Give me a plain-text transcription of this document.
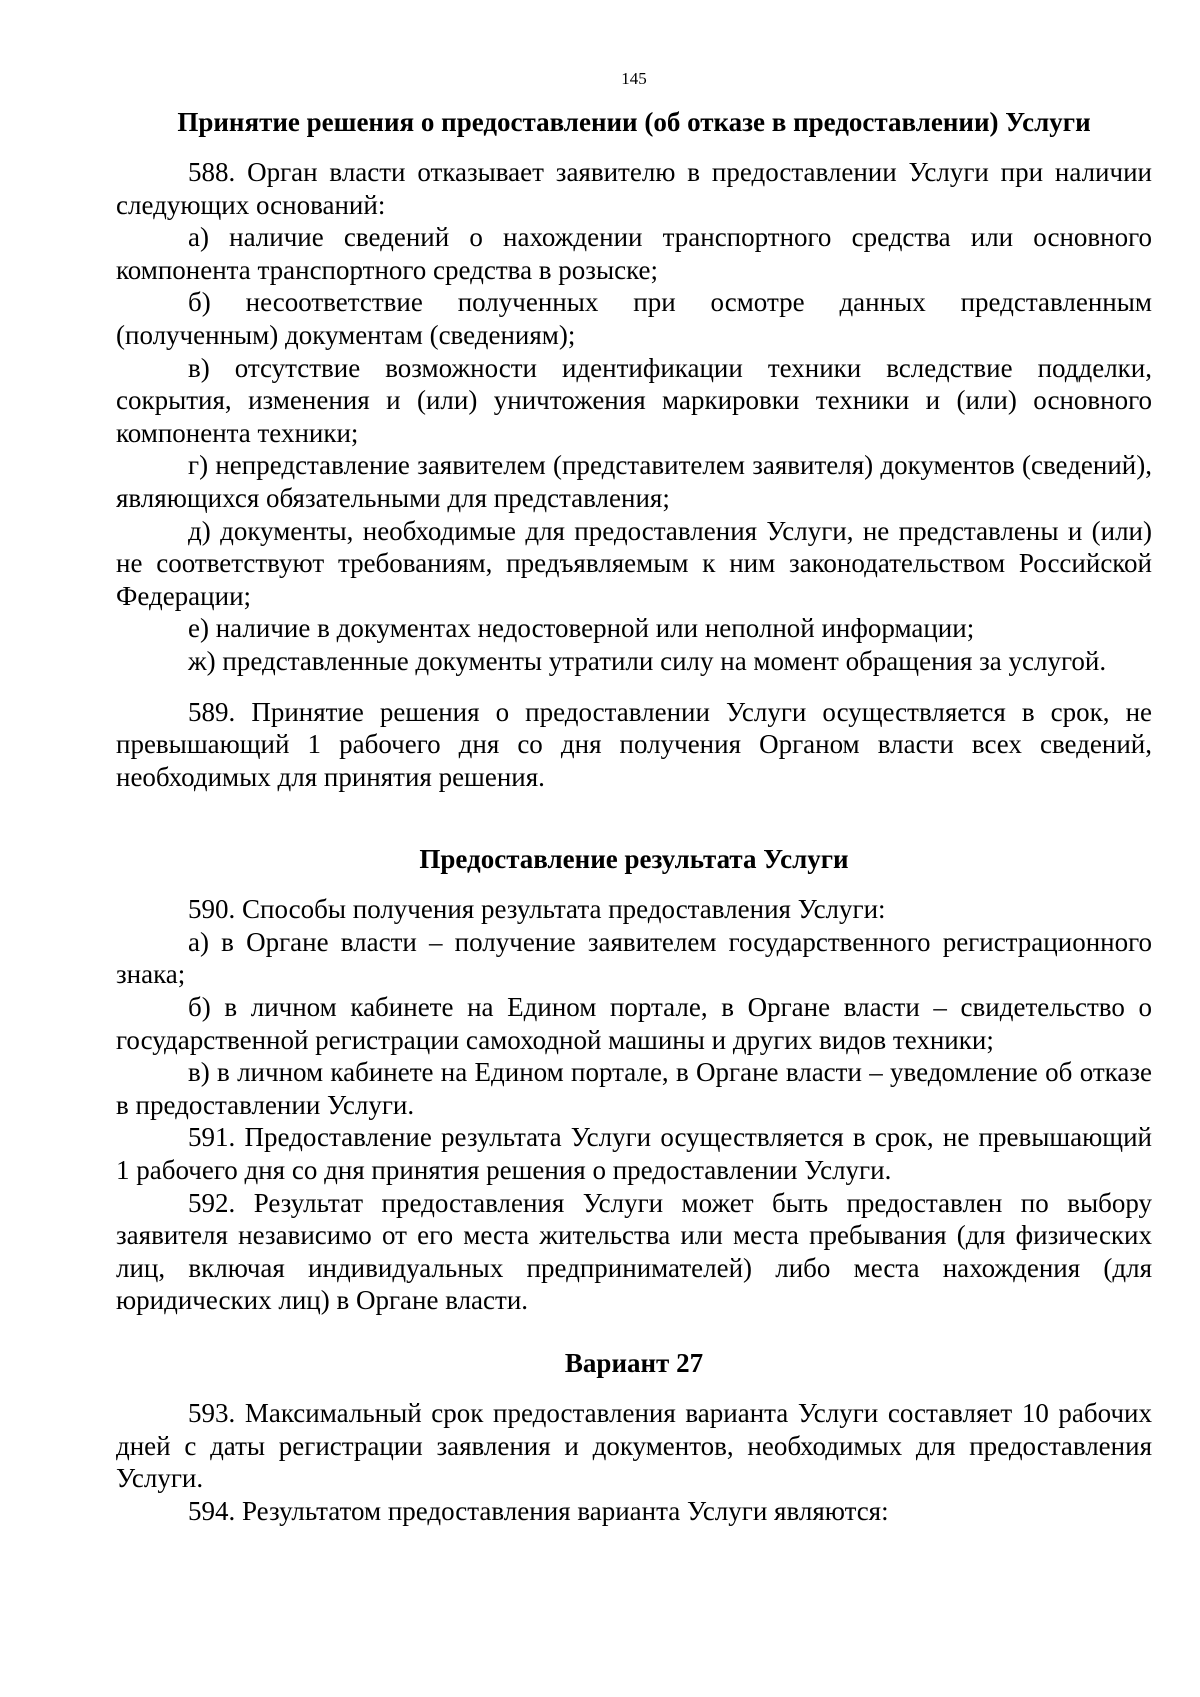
145
Принятие решения о предоставлении (об отказе в предоставлении) Услуги

588. Орган власти отказывает заявителю в предоставлении Услуги при наличии следующих оснований:

а) наличие сведений о нахождении транспортного средства или основного компонента транспортного средства в розыске;

б) несоответствие полученных при осмотре данных представленным (полученным) документам (сведениям);

в) отсутствие возможности идентификации техники вследствие подделки, сокрытия, изменения и (или) уничтожения маркировки техники и (или) основного компонента техники;

г) непредставление заявителем (представителем заявителя) документов (сведений), являющихся обязательными для представления;

д) документы, необходимые для предоставления Услуги, не представлены и (или) не соответствуют требованиям, предъявляемым к ним законодательством Российской Федерации;

е) наличие в документах недостоверной или неполной информации;

ж) представленные документы утратили силу на момент обращения за услугой.

589. Принятие решения о предоставлении Услуги осуществляется в срок, не превышающий 1 рабочего дня со дня получения Органом власти всех сведений, необходимых для принятия решения.

Предоставление результата Услуги

590. Способы получения результата предоставления Услуги:

а) в Органе власти – получение заявителем государственного регистрационного знака;

б) в личном кабинете на Едином портале, в Органе власти – свидетельство о государственной регистрации самоходной машины и других видов техники;

в) в личном кабинете на Едином портале, в Органе власти – уведомление об отказе в предоставлении Услуги.

591. Предоставление результата Услуги осуществляется в срок, не превышающий 1 рабочего дня со дня принятия решения о предоставлении Услуги.

592. Результат предоставления Услуги может быть предоставлен по выбору заявителя независимо от его места жительства или места пребывания (для физических лиц, включая индивидуальных предпринимателей) либо места нахождения (для юридических лиц) в Органе власти.

Вариант 27

593. Максимальный срок предоставления варианта Услуги составляет 10 рабочих дней с даты регистрации заявления и документов, необходимых для предоставления Услуги.

594. Результатом предоставления варианта Услуги являются:
